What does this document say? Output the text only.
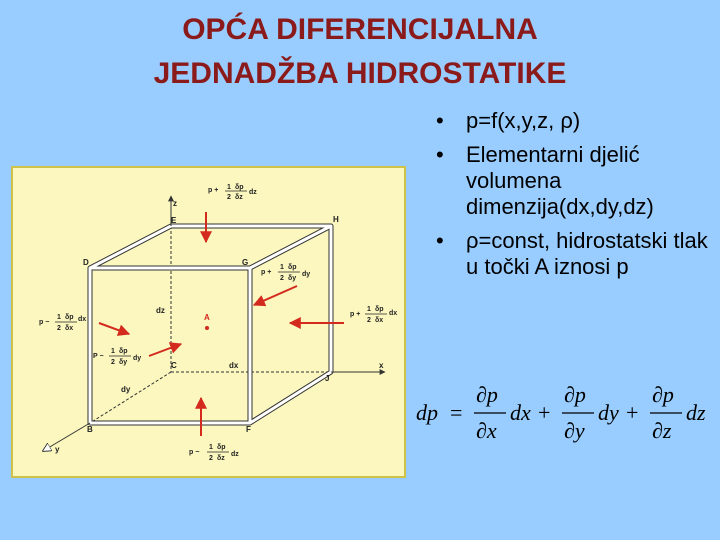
OPĆA DIFERENCIJALNA
JEDNADŽBA HIDROSTATIKE
• p=f(x,y,z, ρ)
• Elementarni djelić volumena dimenzija(dx,dy,dz)
• ρ=const, hidrostatski tlak u točki A iznosi p
z
x
y
D
E	H
G
C
J
B	F
dz
dx
dy
A
p + 1
2
δp
δz
dz
p −
1
2
δp
δz
dz
p −
1
2
δp
δx
dx
p +
1
2
δp
δx
dx
p +
1
2
δp
δy
dy
P −
1
2
δp
δy
dy
dp =
∂p
∂x
dx +
∂p
∂y
dy +
∂p
∂z
dz
